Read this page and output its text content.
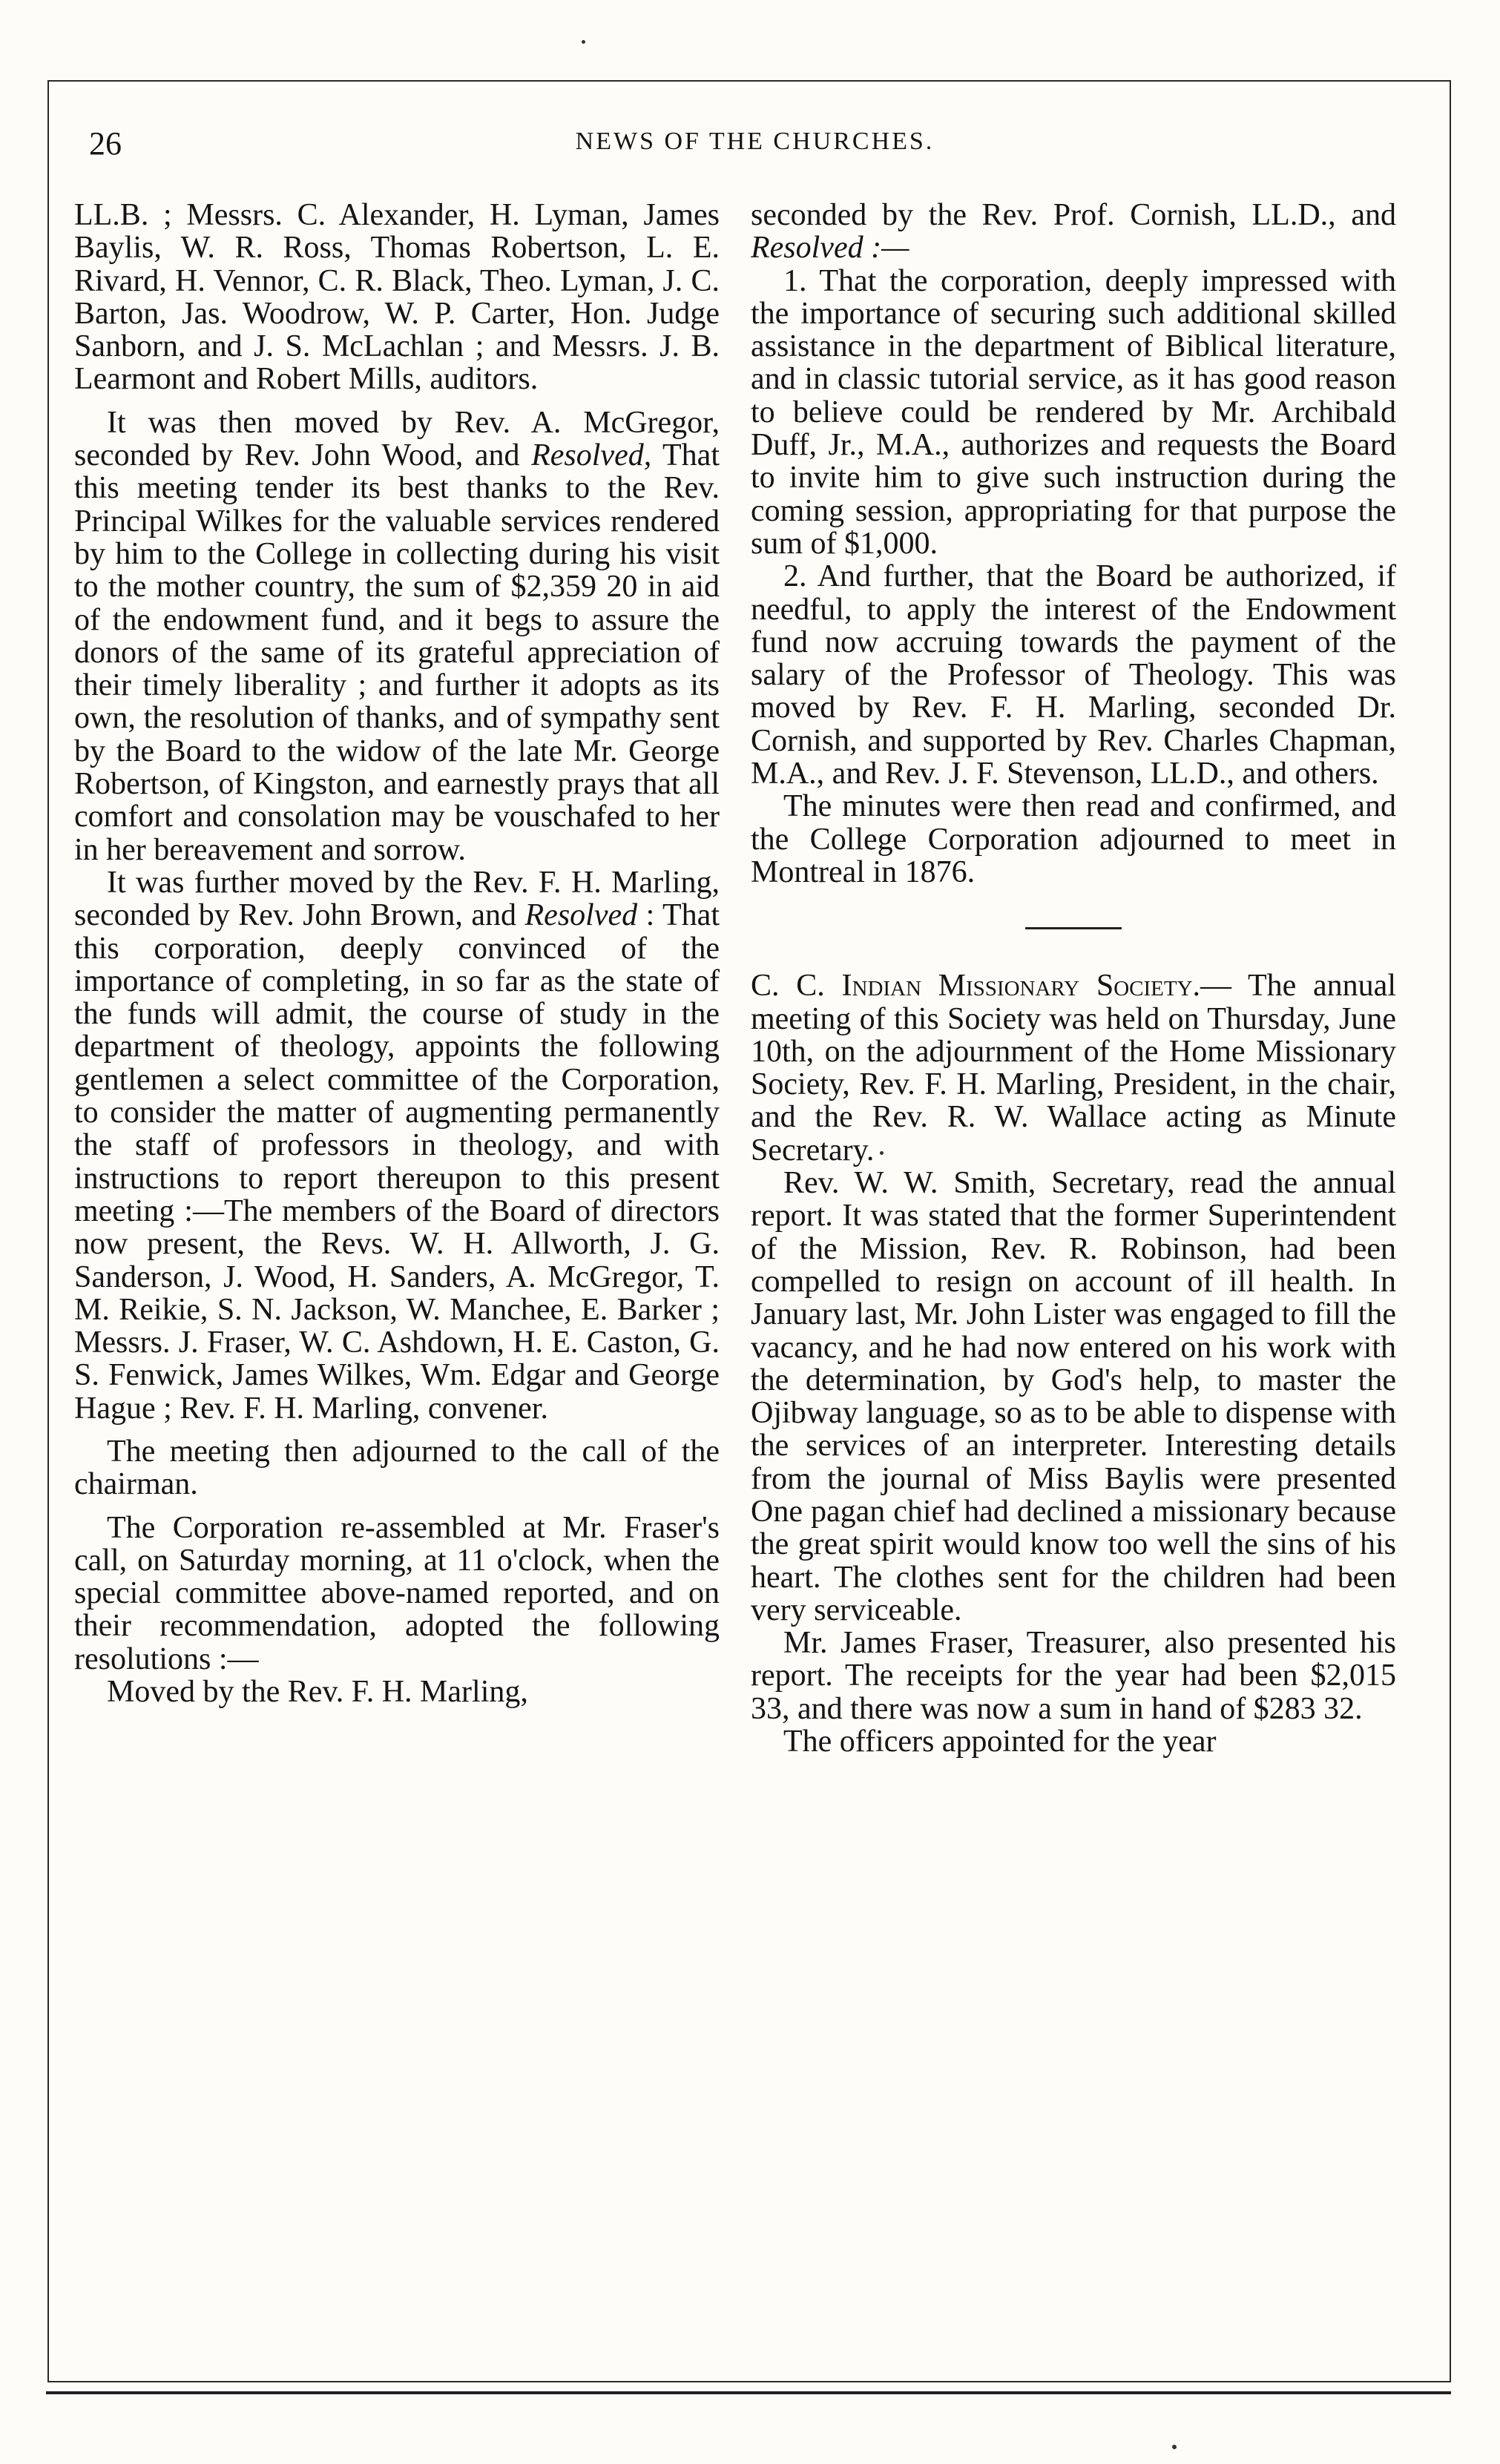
26	NEWS OF THE CHURCHES.

LL.B. ; Messrs. C. Alexander, H. Lyman, James Baylis, W. R. Ross, Thomas Robertson, L. E. Rivard, H. Vennor, C. R. Black, Theo. Lyman, J. C. Barton, Jas. Woodrow, W. P. Carter, Hon. Judge Sanborn, and J. S. McLachlan ; and Messrs. J. B. Learmont and Robert Mills, auditors.

It was then moved by Rev. A. McGregor, seconded by Rev. John Wood, and Resolved, That this meeting tender its best thanks to the Rev. Principal Wilkes for the valuable services rendered by him to the College in collecting during his visit to the mother country, the sum of $2,359 20 in aid of the endowment fund, and it begs to assure the donors of the same of its grateful appreciation of their timely liberality ; and further it adopts as its own, the resolution of thanks, and of sympathy sent by the Board to the widow of the late Mr. George Robertson, of Kingston, and earnestly prays that all comfort and consolation may be vouschafed to her in her bereavement and sorrow.

It was further moved by the Rev. F. H. Marling, seconded by Rev. John Brown, and Resolved : That this corporation, deeply convinced of the importance of completing, in so far as the state of the funds will admit, the course of study in the department of theology, appoints the following gentlemen a select committee of the Corporation, to consider the matter of augmenting permanently the staff of professors in theology, and with instructions to report thereupon to this present meeting :—The members of the Board of directors now present, the Revs. W. H. Allworth, J. G. Sanderson, J. Wood, H. Sanders, A. McGregor, T. M. Reikie, S. N. Jackson, W. Manchee, E. Barker ; Messrs. J. Fraser, W. C. Ashdown, H. E. Caston, G. S. Fenwick, James Wilkes, Wm. Edgar and George Hague ; Rev. F. H. Marling, convener.

The meeting then adjourned to the call of the chairman.

The Corporation re-assembled at Mr. Fraser's call, on Saturday morning, at 11 o'clock, when the special committee above-named reported, and on their recommendation, adopted the following resolutions :—

Moved by the Rev. F. H. Marling,

seconded by the Rev. Prof. Cornish, LL.D., and Resolved :—

1. That the corporation, deeply impressed with the importance of securing such additional skilled assistance in the department of Biblical literature, and in classic tutorial service, as it has good reason to believe could be rendered by Mr. Archibald Duff, Jr., M.A., authorizes and requests the Board to invite him to give such instruction during the coming session, appropriating for that purpose the sum of $1,000.

2. And further, that the Board be authorized, if needful, to apply the interest of the Endowment fund now accruing towards the payment of the salary of the Professor of Theology. This was moved by Rev. F. H. Marling, seconded Dr. Cornish, and supported by Rev. Charles Chapman, M.A., and Rev. J. F. Stevenson, LL.D., and others.

The minutes were then read and confirmed, and the College Corporation adjourned to meet in Montreal in 1876.

C. C. Indian Missionary Society.— The annual meeting of this Society was held on Thursday, June 10th, on the adjournment of the Home Missionary Society, Rev. F. H. Marling, President, in the chair, and the Rev. R. W. Wallace acting as Minute Secretary.

Rev. W. W. Smith, Secretary, read the annual report. It was stated that the former Superintendent of the Mission, Rev. R. Robinson, had been compelled to resign on account of ill health. In January last, Mr. John Lister was engaged to fill the vacancy, and he had now entered on his work with the determination, by God's help, to master the Ojibway language, so as to be able to dispense with the services of an interpreter. Interesting details from the journal of Miss Baylis were presented One pagan chief had declined a missionary because the great spirit would know too well the sins of his heart. The clothes sent for the children had been very serviceable.

Mr. James Fraser, Treasurer, also presented his report. The receipts for the year had been $2,015 33, and there was now a sum in hand of $283 32.

The officers appointed for the year
